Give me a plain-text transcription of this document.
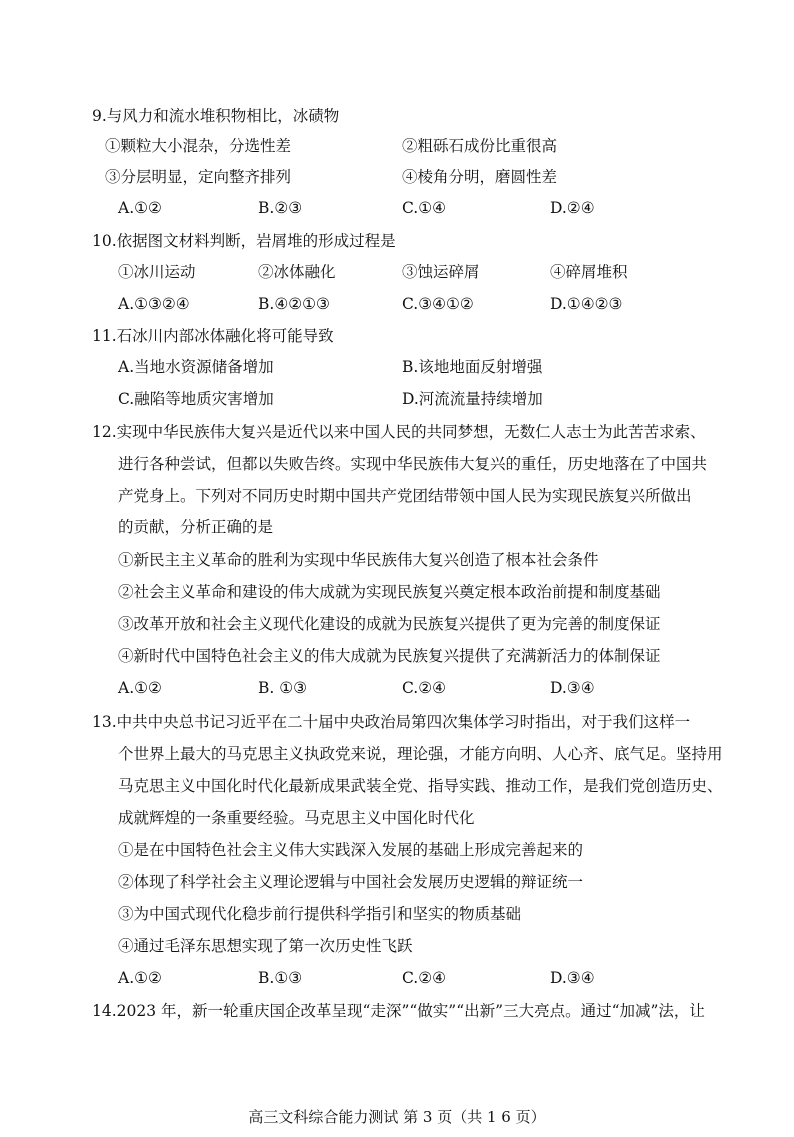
9.与风力和流水堆积物相比，冰碛物
①颗粒大小混杂，分选性差	②粗砾石成份比重很高
③分层明显，定向整齐排列	④棱角分明，磨圆性差
A.①②	B.②③	C.①④	D.②④
10.依据图文材料判断，岩屑堆的形成过程是
①冰川运动	②冰体融化	③蚀运碎屑	④碎屑堆积
A.①③②④	B.④②①③	C.③④①②	D.①④②③
11.石冰川内部冰体融化将可能导致
A.当地水资源储备增加	B.该地地面反射增强
C.融陷等地质灾害增加	D.河流流量持续增加
12.实现中华民族伟大复兴是近代以来中国人民的共同梦想，无数仁人志士为此苦苦求索、
进行各种尝试，但都以失败告终。实现中华民族伟大复兴的重任，历史地落在了中国共
产党身上。下列对不同历史时期中国共产党团结带领中国人民为实现民族复兴所做出
的贡献，分析正确的是
①新民主主义革命的胜利为实现中华民族伟大复兴创造了根本社会条件
②社会主义革命和建设的伟大成就为实现民族复兴奠定根本政治前提和制度基础
③改革开放和社会主义现代化建设的成就为民族复兴提供了更为完善的制度保证
④新时代中国特色社会主义的伟大成就为民族复兴提供了充满新活力的体制保证
A.①②	B. ①③	C.②④	D.③④
13.中共中央总书记习近平在二十届中央政治局第四次集体学习时指出，对于我们这样一
个世界上最大的马克思主义执政党来说，理论强，才能方向明、人心齐、底气足。坚持用
马克思主义中国化时代化最新成果武装全党、指导实践、推动工作，是我们党创造历史、
成就辉煌的一条重要经验。马克思主义中国化时代化
①是在中国特色社会主义伟大实践深入发展的基础上形成完善起来的
②体现了科学社会主义理论逻辑与中国社会发展历史逻辑的辩证统一
③为中国式现代化稳步前行提供科学指引和坚实的物质基础
④通过毛泽东思想实现了第一次历史性飞跃
A.①②	B.①③	C.②④	D.③④
14.2023 年，新一轮重庆国企改革呈现“走深”“做实”“出新”三大亮点。通过“加减”法，让
高三文科综合能力测试 第 3 页（共 1 6 页）
